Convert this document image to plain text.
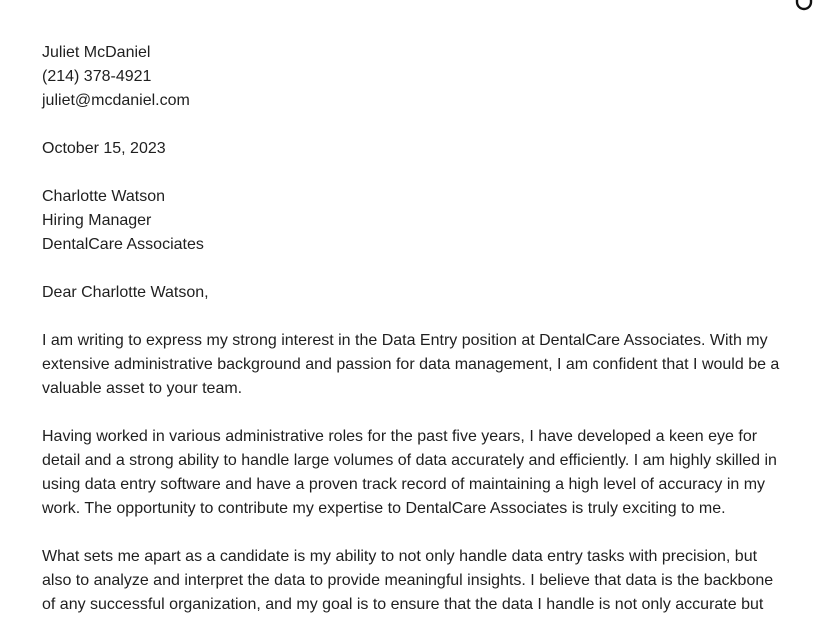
Juliet McDaniel
(214) 378-4921
juliet@mcdaniel.com
October 15, 2023
Charlotte Watson
Hiring Manager
DentalCare Associates
Dear Charlotte Watson,
I am writing to express my strong interest in the Data Entry position at DentalCare Associates. With my
extensive administrative background and passion for data management, I am confident that I would be a
valuable asset to your team.
Having worked in various administrative roles for the past five years, I have developed a keen eye for
detail and a strong ability to handle large volumes of data accurately and efficiently. I am highly skilled in
using data entry software and have a proven track record of maintaining a high level of accuracy in my
work. The opportunity to contribute my expertise to DentalCare Associates is truly exciting to me.
What sets me apart as a candidate is my ability to not only handle data entry tasks with precision, but
also to analyze and interpret the data to provide meaningful insights. I believe that data is the backbone
of any successful organization, and my goal is to ensure that the data I handle is not only accurate but
